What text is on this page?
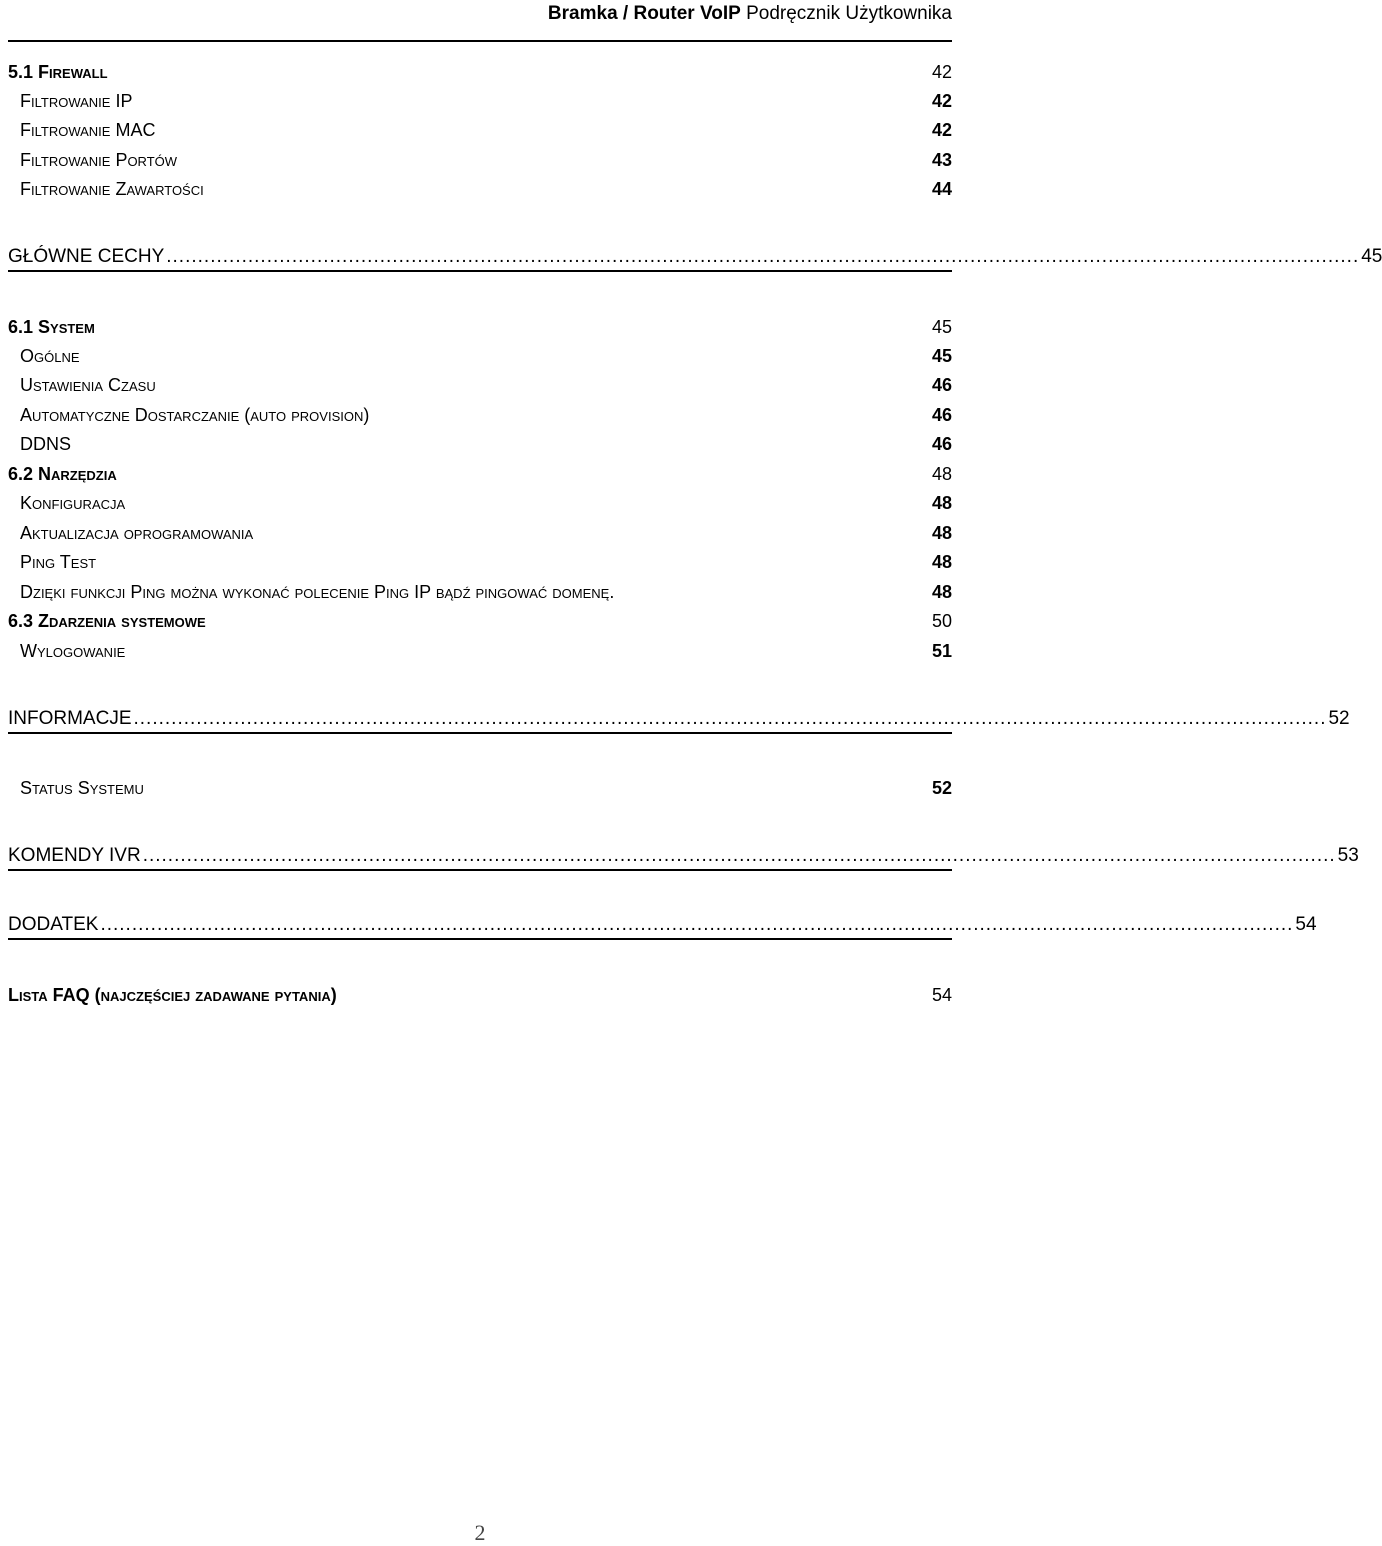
Bramka / Router VoIP Podręcznik Użytkownika
5.1 Firewall	42
Filtrowanie IP	42
Filtrowanie MAC	42
Filtrowanie Portów	43
Filtrowanie Zawartości	44
GŁÓWNE CECHY .............................................................................................................................................................................................. 45
6.1 System	45
Ogólne	45
Ustawienia Czasu	46
Automatyczne Dostarczanie (auto provision)	46
DDNS	46
6.2 Narzędzia	48
Konfiguracja	48
Aktualizacja oprogramowania	48
Ping Test	48
Dzięki funkcji Ping można wykonać polecenie Ping IP bądź pingować domenę.	48
6.3 Zdarzenia systemowe	50
Wylogowanie	51
INFORMACJE .............................................................................................................................................................................................. 52
Status Systemu	52
KOMENDY IVR .............................................................................................................................................................................................. 53
DODATEK .............................................................................................................................................................................................. 54
Lista FAQ (najczęściej zadawane pytania)	54
2
